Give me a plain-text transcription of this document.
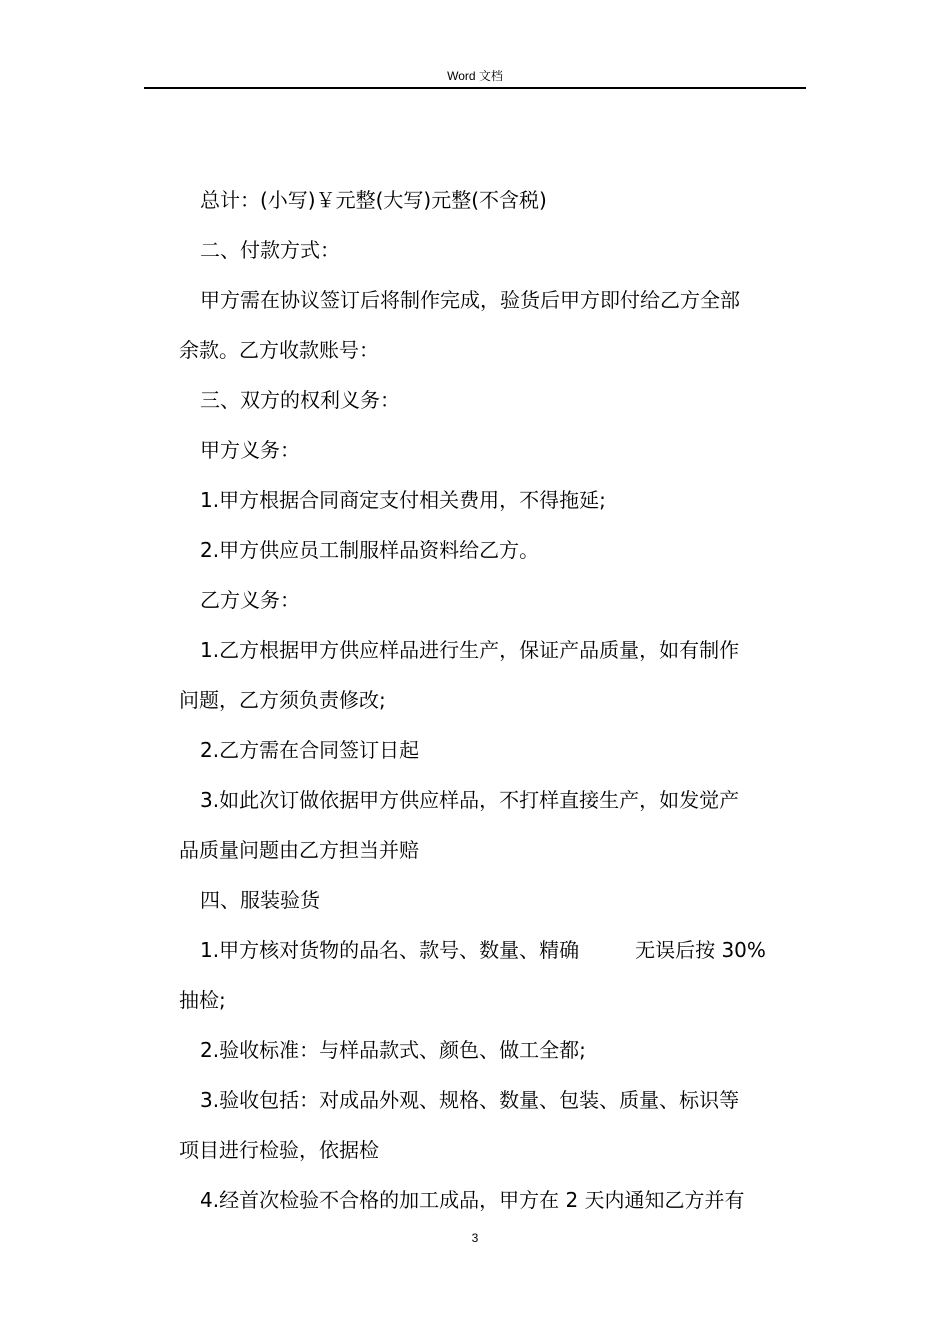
Word 文档
总计：(小写)￥元整(大写)元整(不含税)
二、付款方式：
甲方需在协议签订后将制作完成，验货后甲方即付给乙方全部
余款。乙方收款账号：
三、双方的权利义务：
甲方义务：
1.甲方根据合同商定支付相关费用，不得拖延;
2.甲方供应员工制服样品资料给乙方。
乙方义务：
1.乙方根据甲方供应样品进行生产，保证产品质量，如有制作
问题，乙方须负责修改;
2.乙方需在合同签订日起
3.如此次订做依据甲方供应样品，不打样直接生产，如发觉产
品质量问题由乙方担当并赔
四、服装验货
1.甲方核对货物的品名、款号、数量、精确	无误后按 30%
抽检;
2.验收标准：与样品款式、颜色、做工全都;
3.验收包括：对成品外观、规格、数量、包装、质量、标识等
项目进行检验，依据检
4.经首次检验不合格的加工成品，甲方在 2 天内通知乙方并有
3
